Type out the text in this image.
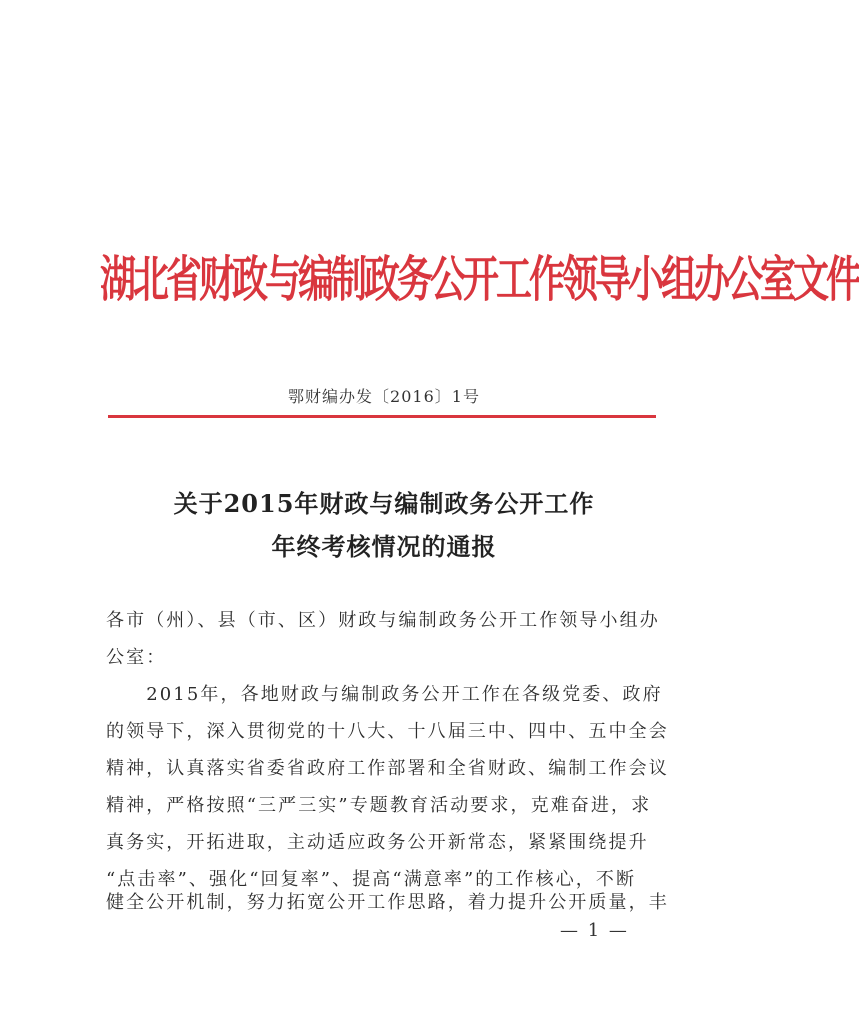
湖北省财政与编制政务公开工作领导小组办公室文件
鄂财编办发〔2016〕1号
关于2015年财政与编制政务公开工作
年终考核情况的通报
各市（州）、县（市、区）财政与编制政务公开工作领导小组办
公室：
　　2015年，各地财政与编制政务公开工作在各级党委、政府
的领导下，深入贯彻党的十八大、十八届三中、四中、五中全会
精神，认真落实省委省政府工作部署和全省财政、编制工作会议
精神，严格按照“三严三实”专题教育活动要求，克难奋进，求
真务实，开拓进取，主动适应政务公开新常态，紧紧围绕提升
“点击率”、强化“回复率”、提高“满意率”的工作核心，不断
健全公开机制，努力拓宽公开工作思路，着力提升公开质量，丰
— 1 —
